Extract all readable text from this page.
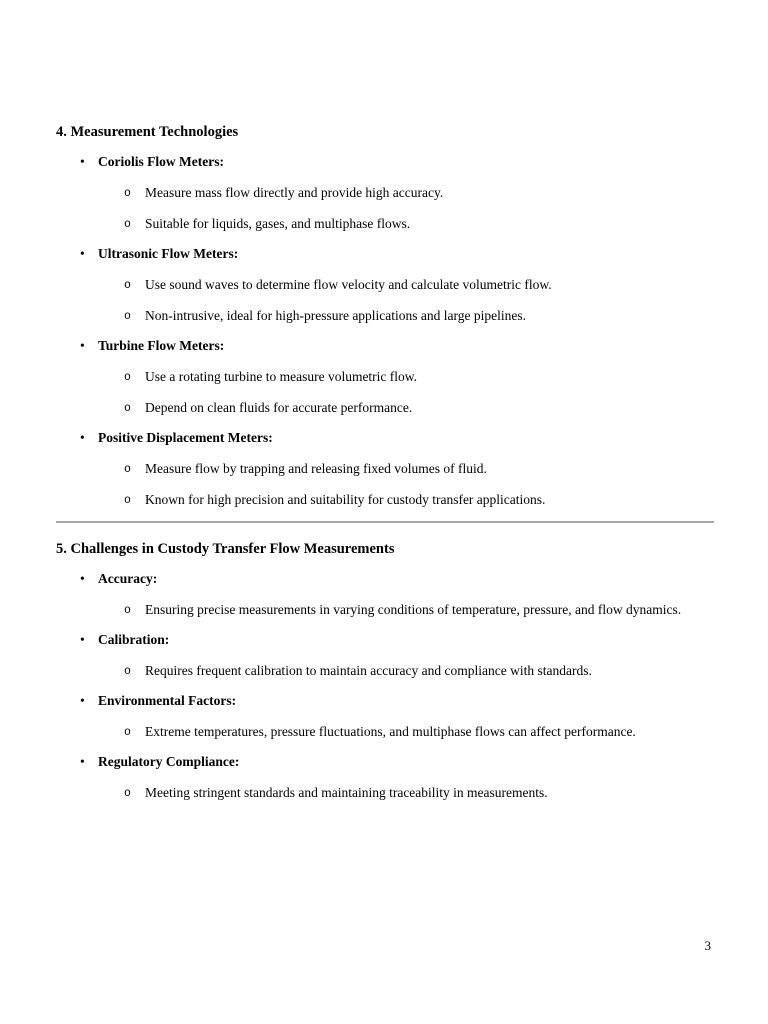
4. Measurement Technologies
• Coriolis Flow Meters:
o Measure mass flow directly and provide high accuracy.
o Suitable for liquids, gases, and multiphase flows.
• Ultrasonic Flow Meters:
o Use sound waves to determine flow velocity and calculate volumetric flow.
o Non-intrusive, ideal for high-pressure applications and large pipelines.
• Turbine Flow Meters:
o Use a rotating turbine to measure volumetric flow.
o Depend on clean fluids for accurate performance.
• Positive Displacement Meters:
o Measure flow by trapping and releasing fixed volumes of fluid.
o Known for high precision and suitability for custody transfer applications.
5. Challenges in Custody Transfer Flow Measurements
• Accuracy:
o Ensuring precise measurements in varying conditions of temperature, pressure, and flow dynamics.
• Calibration:
o Requires frequent calibration to maintain accuracy and compliance with standards.
• Environmental Factors:
o Extreme temperatures, pressure fluctuations, and multiphase flows can affect performance.
• Regulatory Compliance:
o Meeting stringent standards and maintaining traceability in measurements.
3
